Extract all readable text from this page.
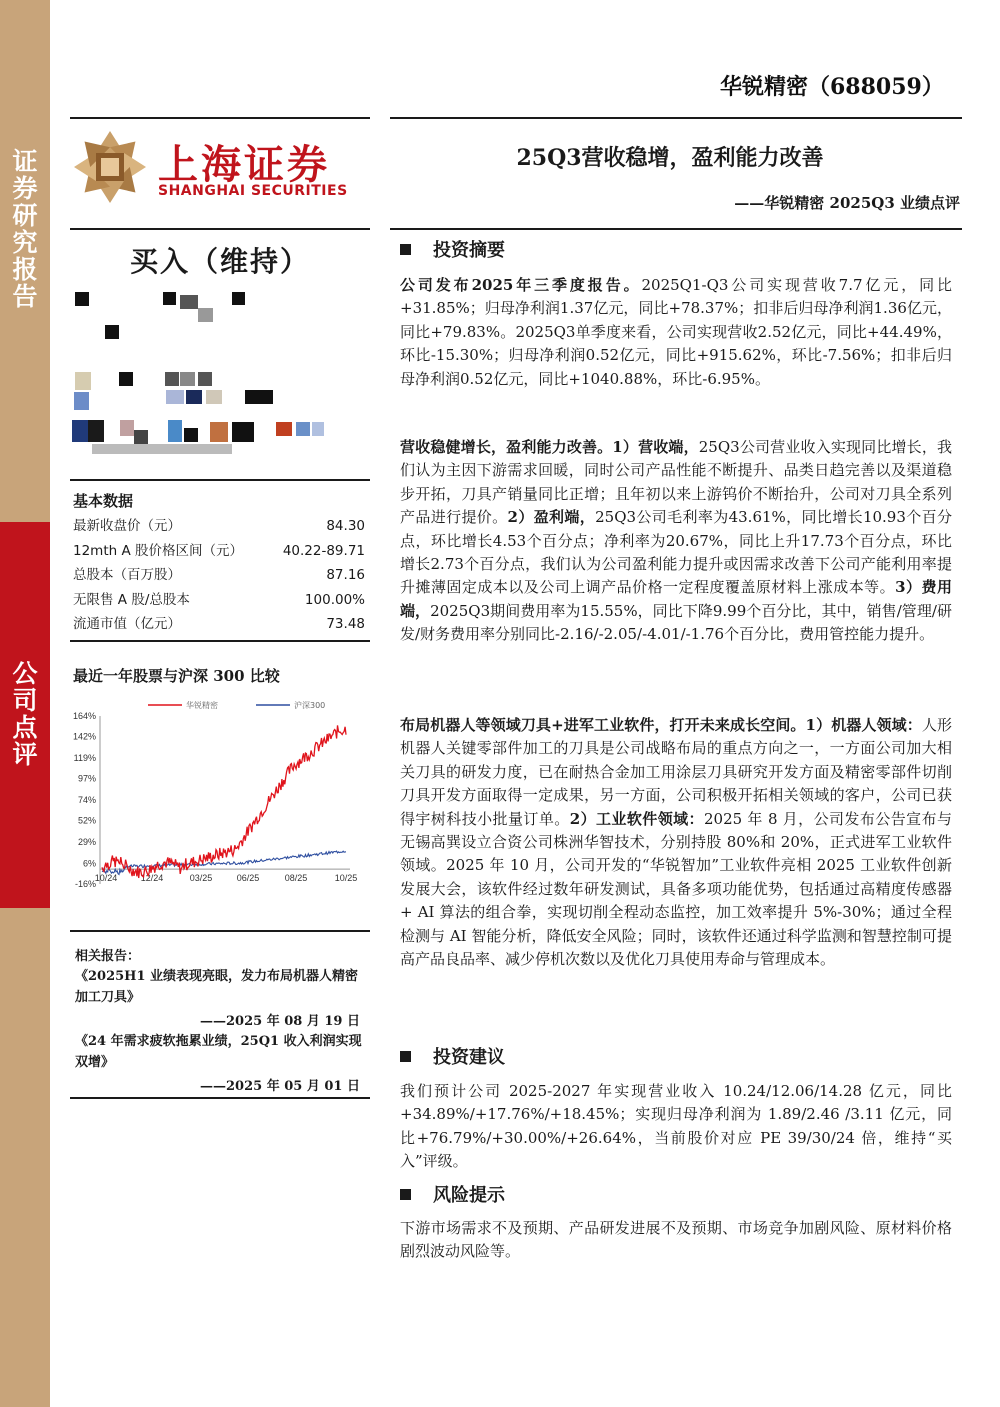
证券研究报告
公司点评
华锐精密（688059）
上海证券
SHANGHAI SECURITIES
25Q3营收稳增，盈利能力改善
——华锐精密 2025Q3 业绩点评
买入（维持）
基本数据
最新收盘价（元）	84.30
12mth A 股价格区间（元）	40.22-89.71
总股本（百万股）	87.16
无限售 A 股/总股本	100.00%
流通市值（亿元）	73.48
最近一年股票与沪深 300 比较
164%
142%
119%
97%
74%
52%
29%
6%
-16%
10/24	12/24	03/25	06/25	08/25	10/25
华锐精密	沪深300
相关报告：
《2025H1 业绩表现亮眼，发力布局机器人精密加工刀具》
——2025 年 08 月 19 日
《24 年需求疲软拖累业绩，25Q1 收入利润实现双增》
——2025 年 05 月 01 日
投资摘要
公司发布2025年三季度报告。2025Q1-Q3公司实现营收7.7亿元，同比+31.85%；归母净利润1.37亿元，同比+78.37%；扣非后归母净利润1.36亿元，同比+79.83%。2025Q3单季度来看，公司实现营收2.52亿元，同比+44.49%，环比-15.30%；归母净利润0.52亿元，同比+915.62%，环比-7.56%；扣非后归母净利润0.52亿元，同比+1040.88%，环比-6.95%。
营收稳健增长，盈利能力改善。1）营收端，25Q3公司营业收入实现同比增长，我们认为主因下游需求回暖，同时公司产品性能不断提升、品类日趋完善以及渠道稳步开拓，刀具产销量同比正增；且年初以来上游钨价不断抬升，公司对刀具全系列产品进行提价。2）盈利端，25Q3公司毛利率为43.61%，同比增长10.93个百分点，环比增长4.53个百分点；净利率为20.67%，同比上升17.73个百分点，环比增长2.73个百分点，我们认为公司盈利能力提升或因需求改善下公司产能利用率提升摊薄固定成本以及公司上调产品价格一定程度覆盖原材料上涨成本等。3）费用端，2025Q3期间费用率为15.55%，同比下降9.99个百分比，其中，销售/管理/研发/财务费用率分别同比-2.16/-2.05/-4.01/-1.76个百分比，费用管控能力提升。
布局机器人等领域刀具+进军工业软件，打开未来成长空间。1）机器人领域：人形机器人关键零部件加工的刀具是公司战略布局的重点方向之一，一方面公司加大相关刀具的研发力度，已在耐热合金加工用涂层刀具研究开发方面及精密零部件切削刀具开发方面取得一定成果，另一方面，公司积极开拓相关领域的客户，公司已获得宇树科技小批量订单。2）工业软件领域：2025 年 8 月，公司发布公告宣布与无锡高巽设立合资公司株洲华智技术，分别持股 80%和 20%，正式进军工业软件领域。2025 年 10 月，公司开发的“华锐智加”工业软件亮相 2025 工业软件创新发展大会，该软件经过数年研发测试，具备多项功能优势，包括通过高精度传感器 + AI 算法的组合拳，实现切削全程动态监控，加工效率提升 5%-30%；通过全程检测与 AI 智能分析，降低安全风险；同时，该软件还通过科学监测和智慧控制可提高产品良品率、减少停机次数以及优化刀具使用寿命与管理成本。
投资建议
我们预计公司 2025-2027 年实现营业收入 10.24/12.06/14.28 亿元，同比+34.89%/+17.76%/+18.45%；实现归母净利润为 1.89/2.46 /3.11 亿元，同比+76.79%/+30.00%/+26.64%，当前股价对应 PE 39/30/24 倍，维持“买入”评级。
风险提示
下游市场需求不及预期、产品研发进展不及预期、市场竞争加剧风险、原材料价格剧烈波动风险等。
